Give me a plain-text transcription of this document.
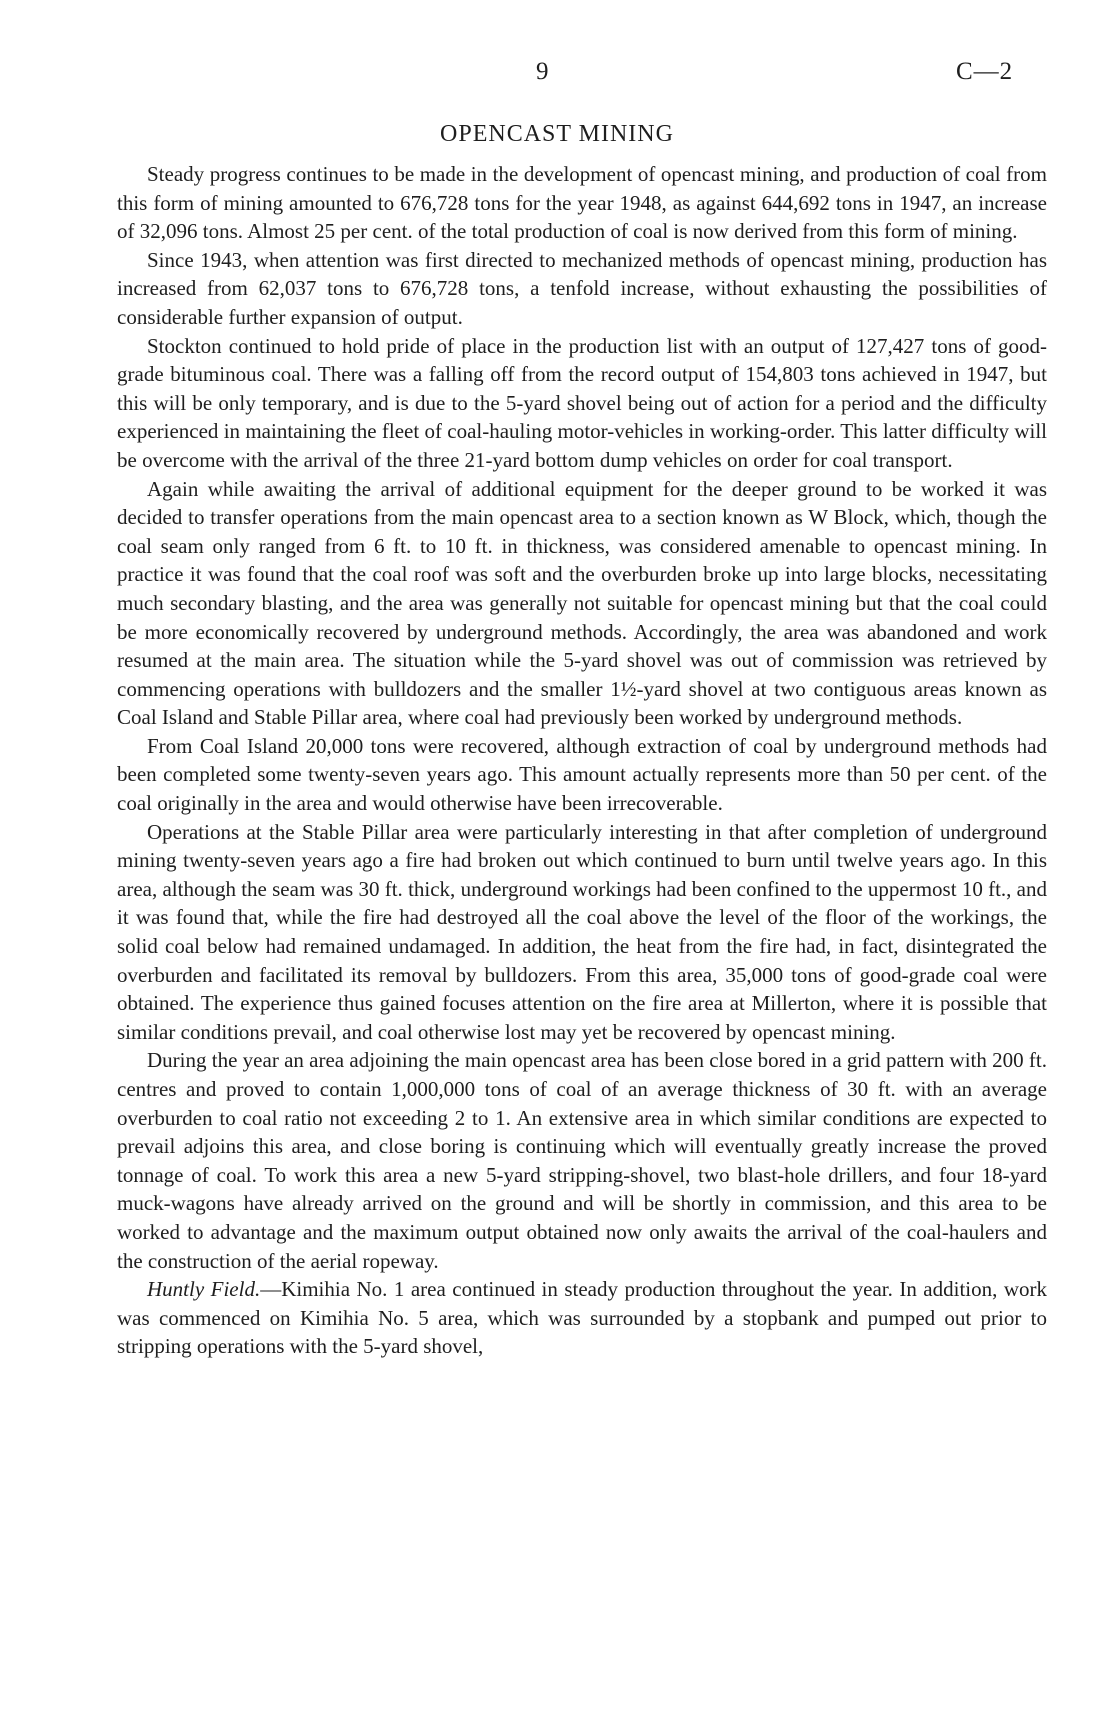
9	C—2
OPENCAST MINING

Steady progress continues to be made in the development of opencast mining, and production of coal from this form of mining amounted to 676,728 tons for the year 1948, as against 644,692 tons in 1947, an increase of 32,096 tons. Almost 25 per cent. of the total production of coal is now derived from this form of mining.

Since 1943, when attention was first directed to mechanized methods of opencast mining, production has increased from 62,037 tons to 676,728 tons, a tenfold increase, without exhausting the possibilities of considerable further expansion of output.

Stockton continued to hold pride of place in the production list with an output of 127,427 tons of good-grade bituminous coal. There was a falling off from the record output of 154,803 tons achieved in 1947, but this will be only temporary, and is due to the 5-yard shovel being out of action for a period and the difficulty experienced in maintaining the fleet of coal-hauling motor-vehicles in working-order. This latter difficulty will be overcome with the arrival of the three 21-yard bottom dump vehicles on order for coal transport.

Again while awaiting the arrival of additional equipment for the deeper ground to be worked it was decided to transfer operations from the main opencast area to a section known as W Block, which, though the coal seam only ranged from 6 ft. to 10 ft. in thickness, was considered amenable to opencast mining. In practice it was found that the coal roof was soft and the overburden broke up into large blocks, necessitating much secondary blasting, and the area was generally not suitable for opencast mining but that the coal could be more economically recovered by underground methods. Accordingly, the area was abandoned and work resumed at the main area. The situation while the 5-yard shovel was out of commission was retrieved by commencing operations with bulldozers and the smaller 1½-yard shovel at two contiguous areas known as Coal Island and Stable Pillar area, where coal had previously been worked by underground methods.

From Coal Island 20,000 tons were recovered, although extraction of coal by underground methods had been completed some twenty-seven years ago. This amount actually represents more than 50 per cent. of the coal originally in the area and would otherwise have been irrecoverable.

Operations at the Stable Pillar area were particularly interesting in that after completion of underground mining twenty-seven years ago a fire had broken out which continued to burn until twelve years ago. In this area, although the seam was 30 ft. thick, underground workings had been confined to the uppermost 10 ft., and it was found that, while the fire had destroyed all the coal above the level of the floor of the workings, the solid coal below had remained undamaged. In addition, the heat from the fire had, in fact, disintegrated the overburden and facilitated its removal by bulldozers. From this area, 35,000 tons of good-grade coal were obtained. The experience thus gained focuses attention on the fire area at Millerton, where it is possible that similar conditions prevail, and coal otherwise lost may yet be recovered by opencast mining.

During the year an area adjoining the main opencast area has been close bored in a grid pattern with 200 ft. centres and proved to contain 1,000,000 tons of coal of an average thickness of 30 ft. with an average overburden to coal ratio not exceeding 2 to 1. An extensive area in which similar conditions are expected to prevail adjoins this area, and close boring is continuing which will eventually greatly increase the proved tonnage of coal. To work this area a new 5-yard stripping-shovel, two blast-hole drillers, and four 18-yard muck-wagons have already arrived on the ground and will be shortly in commission, and this area to be worked to advantage and the maximum output obtained now only awaits the arrival of the coal-haulers and the construction of the aerial ropeway.

Huntly Field.—Kimihia No. 1 area continued in steady production throughout the year. In addition, work was commenced on Kimihia No. 5 area, which was surrounded by a stopbank and pumped out prior to stripping operations with the 5-yard shovel,
